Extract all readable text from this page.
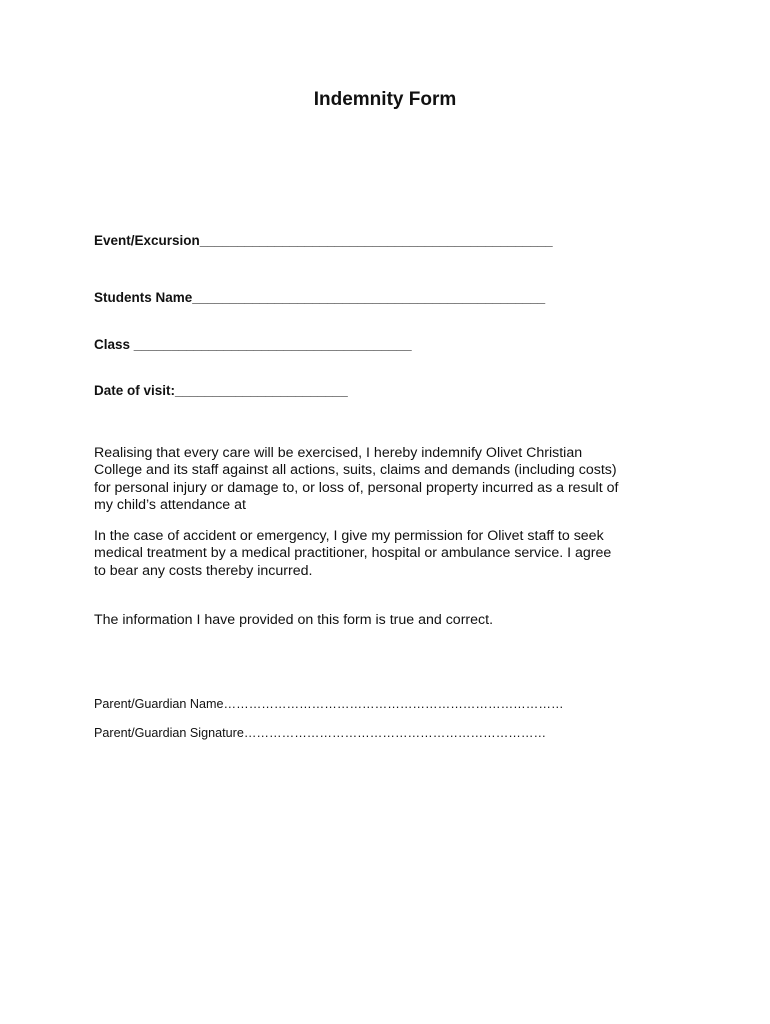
Indemnity Form
Event/Excursion_______________________________________________
Students Name_______________________________________________
Class _____________________________________
Date of visit:_______________________
Realising that every care will be exercised, I hereby indemnify Olivet Christian
College and its staff against all actions, suits, claims and demands (including costs)
for personal injury or damage to, or loss of, personal property incurred as a result of
my child’s attendance at
In the case of accident or emergency, I give my permission for Olivet staff to seek
medical treatment by a medical practitioner, hospital or ambulance service. I agree
to bear any costs thereby incurred.
The information I have provided on this form is true and correct.
Parent/Guardian Name………………………………………………………………………
Parent/Guardian Signature………………………………………………………………
